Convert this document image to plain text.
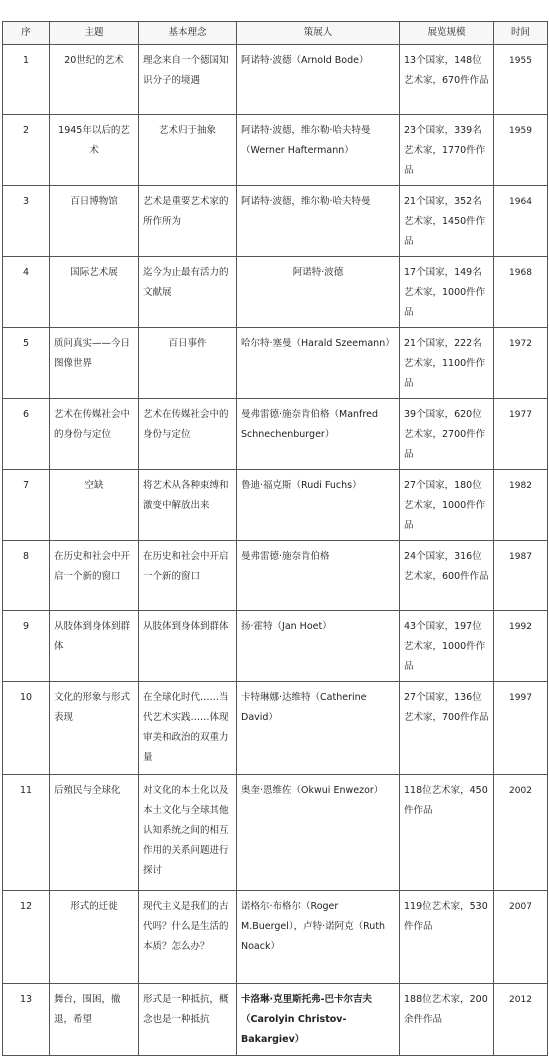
序	主题	基本理念	策展人	展览规模	时间
1	20世纪的艺术	理念来自一个德国知识分子的境遇	阿诺特·波德（Arnold Bode）	13个国家，148位艺术家，670件作品	1955
2	1945年以后的艺术	艺术归于抽象	阿诺特·波德，维尔勒·哈夫特曼（Werner Haftermann）	23个国家，339名艺术家，1770件作品	1959
3	百日博物馆	艺术是重要艺术家的所作所为	阿诺特·波德，维尔勒·哈夫特曼	21个国家，352名艺术家，1450件作品	1964
4	国际艺术展	迄今为止最有活力的文献展	阿诺特·波德	17个国家，149名艺术家，1000件作品	1968
5	质问真实——今日图像世界	百日事件	哈尔特·塞曼（Harald Szeemann）	21个国家，222名艺术家，1100件作品	1972
6	艺术在传媒社会中的身份与定位	艺术在传媒社会中的身份与定位	曼弗雷德·施奈肯伯格（Manfred Schnechenburger）	39个国家，620位艺术家，2700件作品	1977
7	空缺	将艺术从各种束缚和激变中解放出来	鲁迪·福克斯（Rudi Fuchs）	27个国家，180位艺术家，1000件作品	1982
8	在历史和社会中开启一个新的窗口	在历史和社会中开启一个新的窗口	曼弗雷德·施奈肯伯格	24个国家，316位艺术家，600件作品	1987
9	从肢体到身体到群体	从肢体到身体到群体	扬·霍特（Jan Hoet）	43个国家，197位艺术家，1000件作品	1992
10	文化的形象与形式表现	在全球化时代……当代艺术实践……体现审美和政治的双重力量	卡特琳娜·达维特（Catherine David）	27个国家，136位艺术家，700件作品	1997
11	后殖民与全球化	对文化的本土化以及本土文化与全球其他认知系统之间的相互作用的关系问题进行探讨	奥奎·恩维佐（Okwui Enwezor）	118位艺术家，450件作品	2002
12	形式的迁徙	现代主义是我们的古代吗？什么是生活的本质？怎么办？	诺格尔·布格尔（Roger M.Buergel），卢特·诺阿克（Ruth Noack）	119位艺术家，530件作品	2007
13	舞台，围困，撤退，希望	形式是一种抵抗，概念也是一种抵抗	卡洛琳·克里斯托弗-巴卡尔吉夫（Carolyin Christov-Bakargiev）	188位艺术家，200余件作品	2012
